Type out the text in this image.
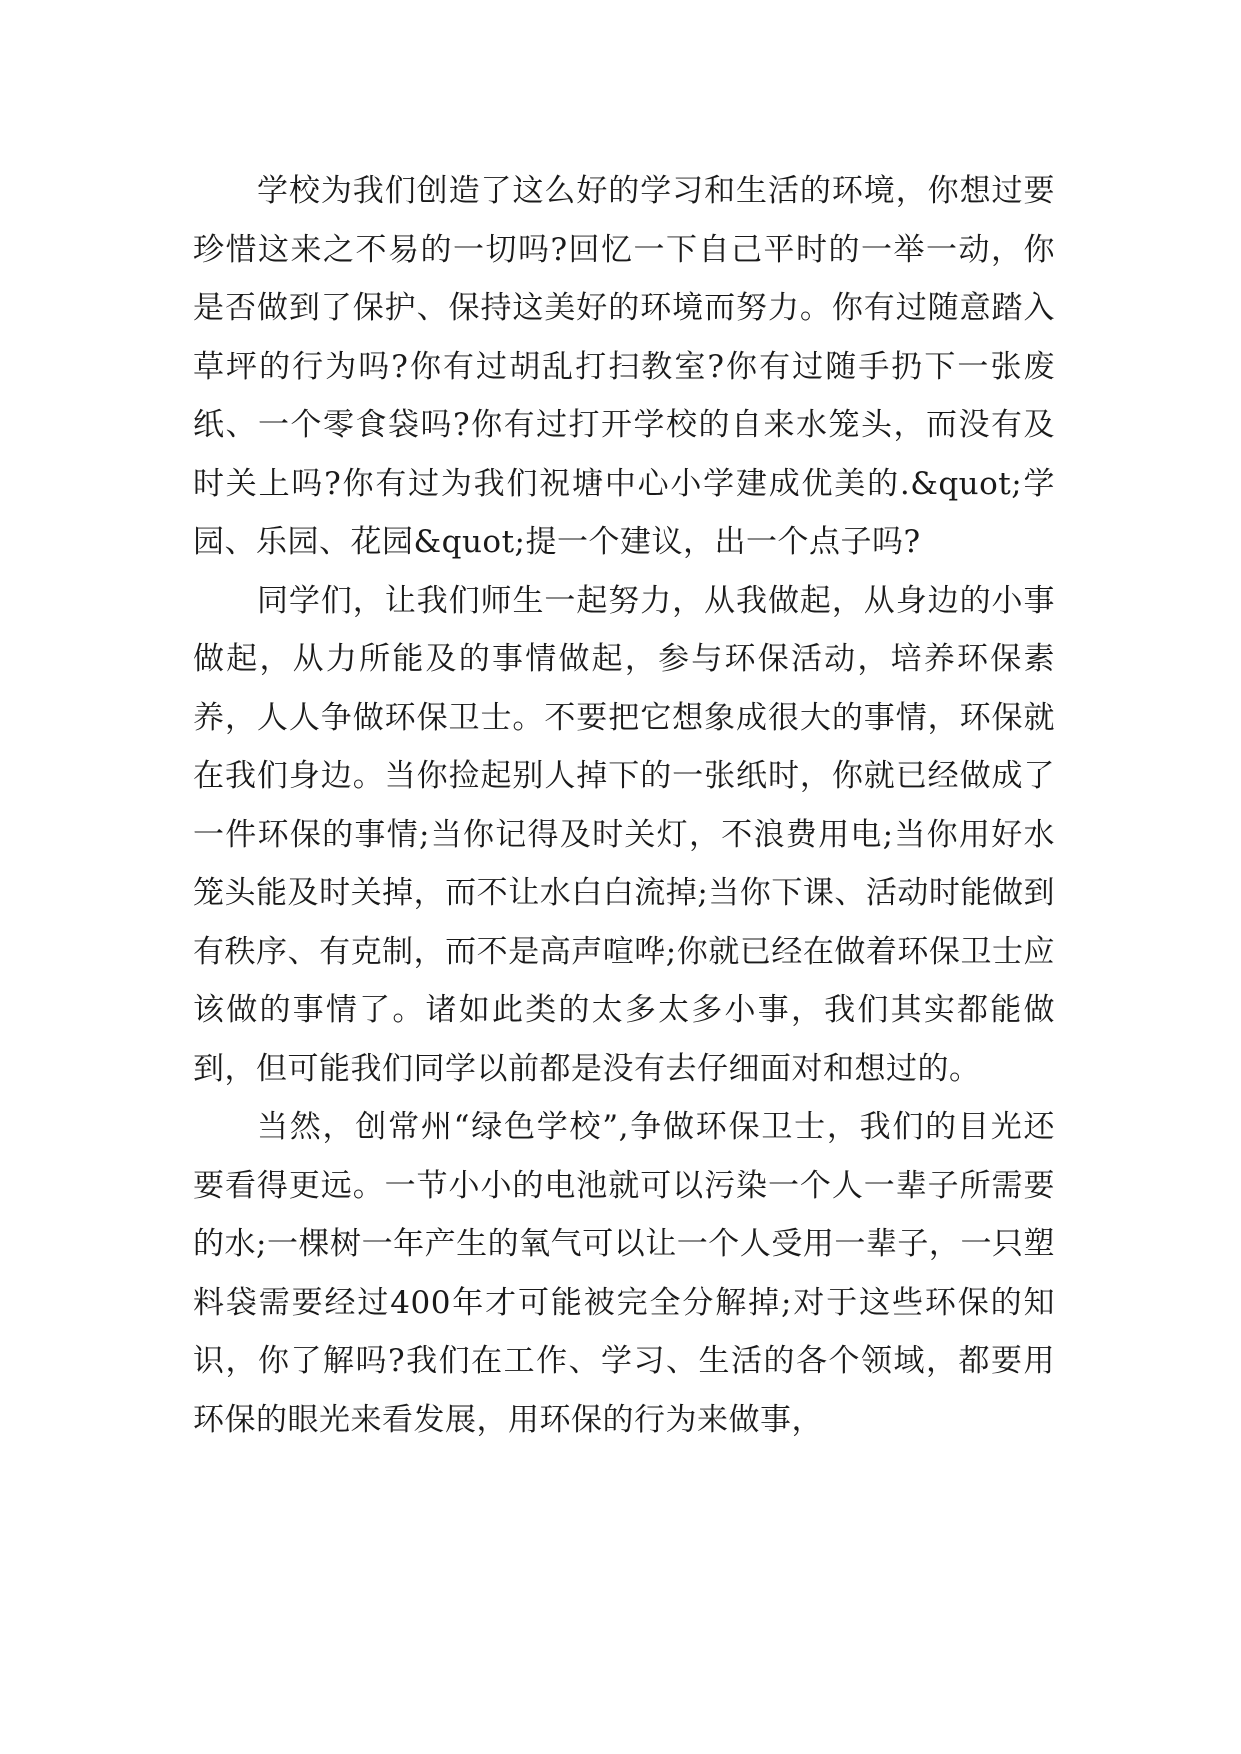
学校为我们创造了这么好的学习和生活的环境，你想过要珍惜这来之不易的一切吗?回忆一下自己平时的一举一动，你是否做到了保护、保持这美好的环境而努力。你有过随意踏入草坪的行为吗?你有过胡乱打扫教室?你有过随手扔下一张废纸、一个零食袋吗?你有过打开学校的自来水笼头，而没有及时关上吗?你有过为我们祝塘中心小学建成优美的.&quot;学园、乐园、花园&quot;提一个建议，出一个点子吗?

同学们，让我们师生一起努力，从我做起，从身边的小事做起，从力所能及的事情做起，参与环保活动，培养环保素养，人人争做环保卫士。不要把它想象成很大的事情，环保就在我们身边。当你捡起别人掉下的一张纸时，你就已经做成了一件环保的事情;当你记得及时关灯，不浪费用电;当你用好水笼头能及时关掉，而不让水白白流掉;当你下课、活动时能做到有秩序、有克制，而不是高声喧哗;你就已经在做着环保卫士应该做的事情了。诸如此类的太多太多小事，我们其实都能做到，但可能我们同学以前都是没有去仔细面对和想过的。

当然，创常州“绿色学校”,争做环保卫士，我们的目光还要看得更远。一节小小的电池就可以污染一个人一辈子所需要的水;一棵树一年产生的氧气可以让一个人受用一辈子，一只塑料袋需要经过400年才可能被完全分解掉;对于这些环保的知识，你了解吗?我们在工作、学习、生活的各个领域，都要用环保的眼光来看发展，用环保的行为来做事，
